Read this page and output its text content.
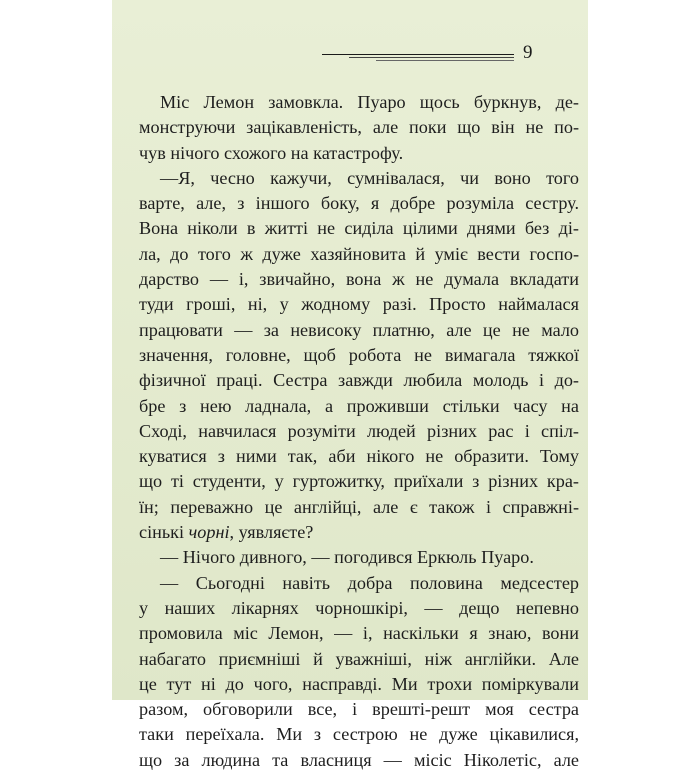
9
Міс Лемон замовкла. Пуаро щось буркнув, де-
монструючи зацікавленість, але поки що він не по-
чув нічого схожого на катастрофу.
—Я, чесно кажучи, сумнівалася, чи воно того
варте, але, з іншого боку, я добре розуміла сестру.
Вона ніколи в житті не сиділа цілими днями без ді-
ла, до того ж дуже хазяйновита й уміє вести госпо-
дарство — і, звичайно, вона ж не думала вкладати
туди гроші, ні, у жодному разі. Просто наймалася
працювати — за невисоку платню, але це не мало
значення, головне, щоб робота не вимагала тяжкої
фізичної праці. Сестра завжди любила молодь і до-
бре з нею ладнала, а проживши стільки часу на
Сході, навчилася розуміти людей різних рас і спіл-
куватися з ними так, аби нікого не образити. Тому
що ті студенти, у гуртожитку, приїхали з різних кра-
їн; переважно це англійці, але є також і справжні-
сінькі чорні, уявляєте?
— Нічого дивного, — погодився Еркюль Пуаро.
— Сьогодні навіть добра половина медсестер
у наших лікарнях чорношкірі, — дещо непевно
промовила міс Лемон, — і, наскільки я знаю, вони
набагато приємніші й уважніші, ніж англійки. Але
це тут ні до чого, насправді. Ми трохи поміркували
разом, обговорили все, і врешті-решт моя сестра
таки переїхала. Ми з сестрою не дуже цікавилися,
що за людина та власниця — місіс Ніколетіс, але
